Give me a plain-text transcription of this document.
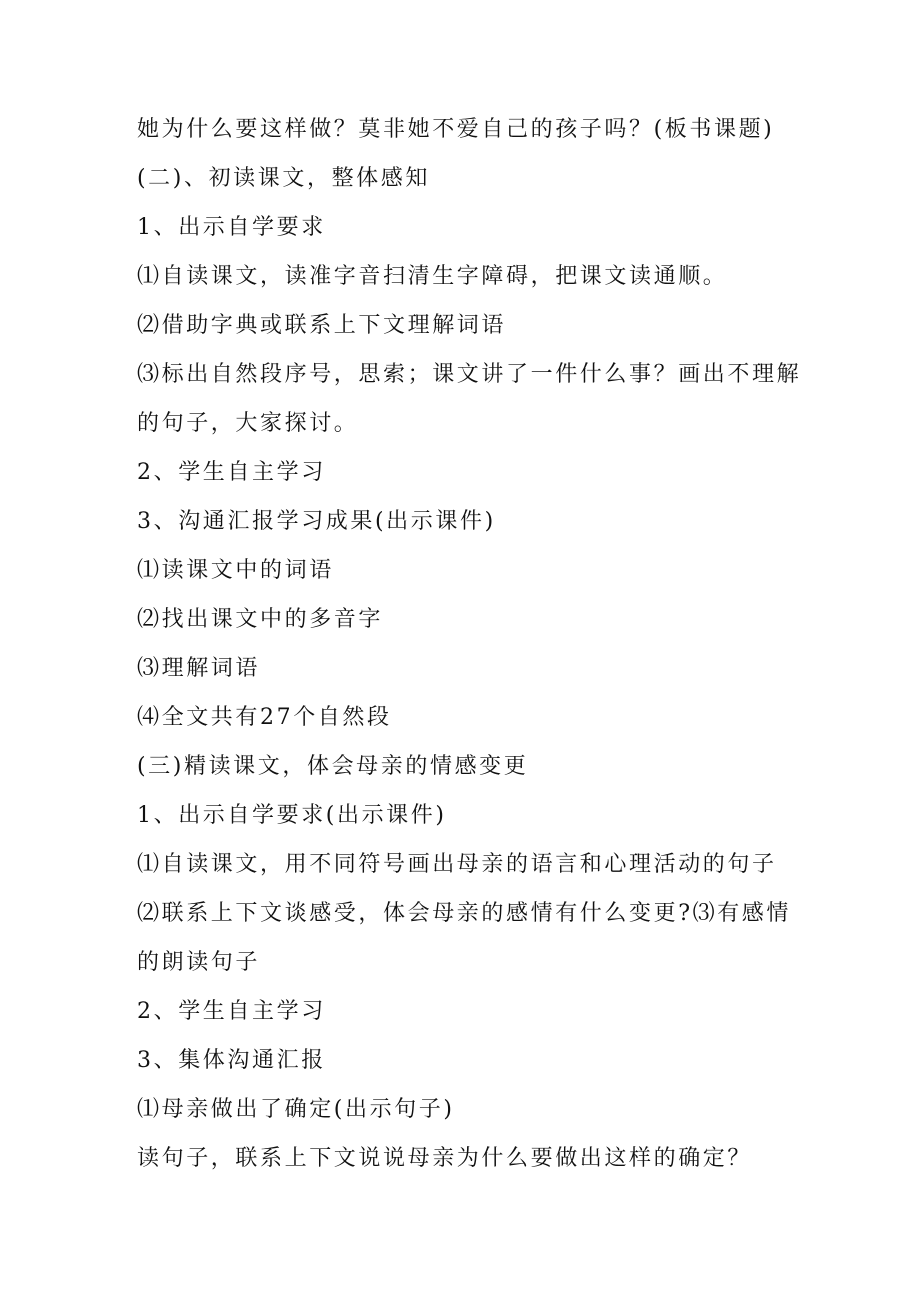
她为什么要这样做？莫非她不爱自己的孩子吗？(板书课题)
(二)、初读课文，整体感知
1、出示自学要求
⑴自读课文，读准字音扫清生字障碍，把课文读通顺。
⑵借助字典或联系上下文理解词语
⑶标出自然段序号，思索；课文讲了一件什么事？画出不理解
的句子，大家探讨。
2、学生自主学习
3、沟通汇报学习成果(出示课件)
⑴读课文中的词语
⑵找出课文中的多音字
⑶理解词语
⑷全文共有27个自然段
(三)精读课文，体会母亲的情感变更
1、出示自学要求(出示课件)
⑴自读课文，用不同符号画出母亲的语言和心理活动的句子
⑵联系上下文谈感受，体会母亲的感情有什么变更?⑶有感情
的朗读句子
2、学生自主学习
3、集体沟通汇报
⑴母亲做出了确定(出示句子)
读句子，联系上下文说说母亲为什么要做出这样的确定？
